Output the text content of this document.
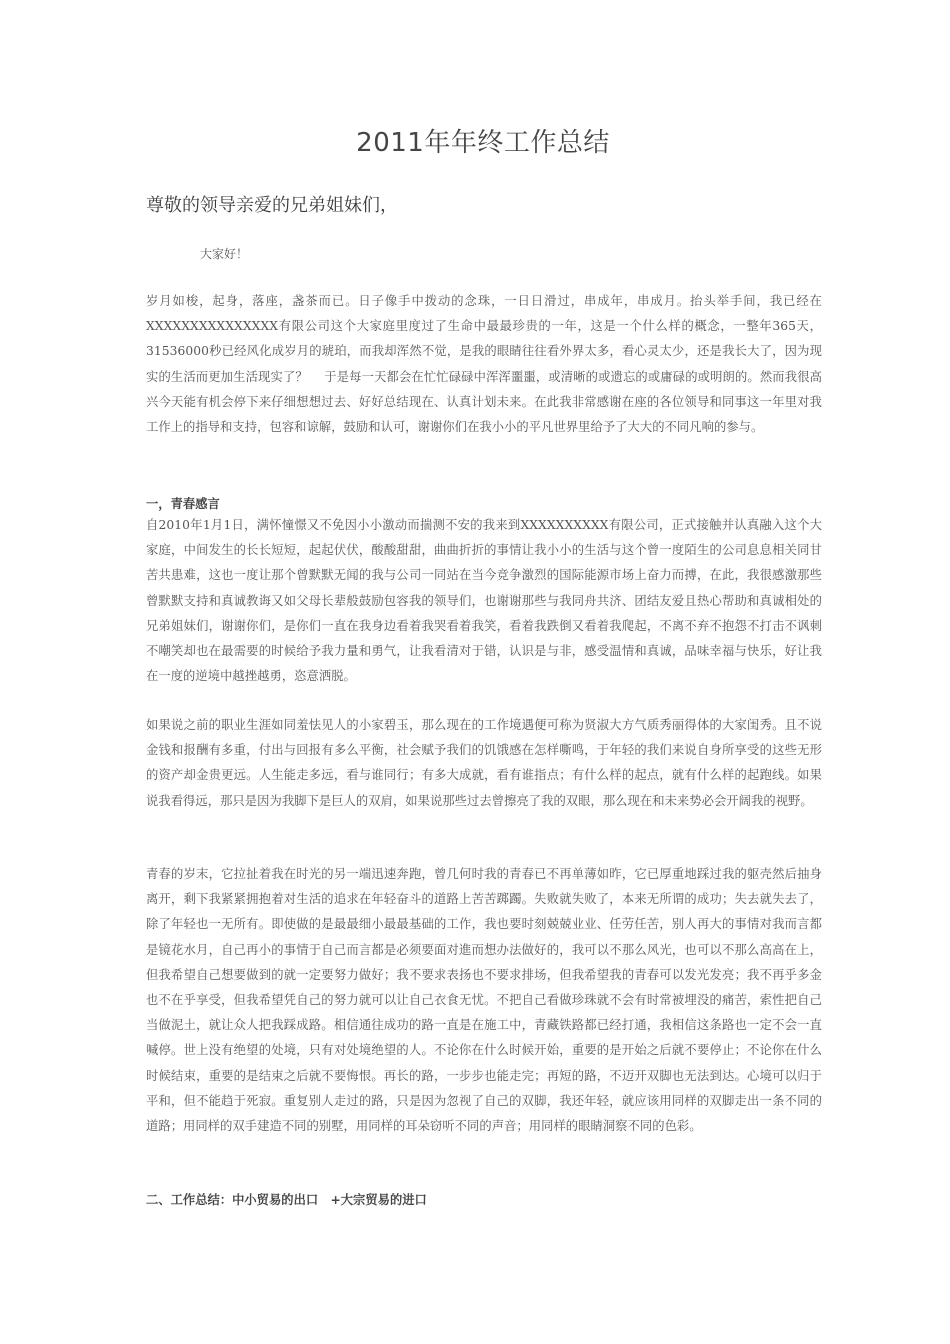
2011年年终工作总结

尊敬的领导亲爱的兄弟姐妹们，

大家好！

岁月如梭，起身，落座，盏茶而已。日子像手中拨动的念珠，一日日滑过，串成年，串成月。抬头举手间，我已经在XXXXXXXXXXXXXXX有限公司这个大家庭里度过了生命中最最珍贵的一年，这是一个什么样的概念，一整年365天，31536000秒已经风化成岁月的琥珀，而我却浑然不觉，是我的眼睛往往看外界太多，看心灵太少，还是我长大了，因为现实的生活而更加生活现实了？　 于是每一天都会在忙忙碌碌中浑浑噩噩，或清晰的或遗忘的或庸碌的或明朗的。然而我很高兴今天能有机会停下来仔细想想过去、好好总结现在、认真计划未来。在此我非常感谢在座的各位领导和同事这一年里对我工作上的指导和支持，包容和谅解，鼓励和认可，谢谢你们在我小小的平凡世界里给予了大大的不同凡响的参与。

一，青春感言

自2010年1月1日，满怀憧憬又不免因小小激动而揣测不安的我来到XXXXXXXXXX有限公司，正式接触并认真融入这个大家庭，中间发生的长长短短，起起伏伏，酸酸甜甜，曲曲折折的事情让我小小的生活与这个曾一度陌生的公司息息相关同甘苦共患难，这也一度让那个曾默默无闻的我与公司一同站在当今竞争激烈的国际能源市场上奋力而搏，在此，我很感激那些曾默默支持和真诚教诲又如父母长辈般鼓励包容我的领导们，也谢谢那些与我同舟共济、团结友爱且热心帮助和真诚相处的兄弟姐妹们，谢谢你们，是你们一直在我身边看着我哭看着我笑，看着我跌倒又看着我爬起，不离不弃不抱怨不打击不讽刺不嘲笑却也在最需要的时候给予我力量和勇气，让我看清对于错，认识是与非，感受温情和真诚，品味幸福与快乐，好让我在一度的逆境中越挫越勇，恣意洒脱。

如果说之前的职业生涯如同羞怯见人的小家碧玉，那么现在的工作境遇便可称为贤淑大方气质秀丽得体的大家闺秀。且不说金钱和报酬有多重，付出与回报有多么平衡，社会赋予我们的饥饿感在怎样嘶鸣，于年轻的我们来说自身所享受的这些无形的资产却金贵更远。人生能走多远，看与谁同行；有多大成就，看有谁指点；有什么样的起点，就有什么样的起跑线。如果说我看得远，那只是因为我脚下是巨人的双肩，如果说那些过去曾擦亮了我的双眼，那么现在和未来势必会开阔我的视野。

青春的岁末，它拉扯着我在时光的另一端迅速奔跑，曾几何时我的青春已不再单薄如昨，它已厚重地踩过我的躯壳然后抽身离开，剩下我紧紧拥抱着对生活的追求在年轻奋斗的道路上苦苦踯躅。失败就失败了，本来无所谓的成功；失去就失去了，除了年轻也一无所有。即使做的是最最细小最最基础的工作，我也要时刻兢兢业业、任劳任苦，别人再大的事情对我而言都是镜花水月，自己再小的事情于自己而言都是必须要面对進而想办法做好的，我可以不那么风光，也可以不那么高高在上，但我希望自己想要做到的就一定要努力做好；我不要求表扬也不要求排场，但我希望我的青春可以发光发亮；我不再乎多金也不在乎享受，但我希望凭自己的努力就可以让自己衣食无忧。不把自己看做珍珠就不会有时常被埋没的痛苦，索性把自己当做泥土，就让众人把我踩成路。相信通往成功的路一直是在施工中，青藏铁路都已经打通，我相信这条路也一定不会一直喊停。世上没有绝望的处境，只有对处境绝望的人。不论你在什么时候开始，重要的是开始之后就不要停止；不论你在什么时候结束，重要的是结束之后就不要悔恨。再长的路，一步步也能走完；再短的路，不迈开双脚也无法到达。心境可以归于平和，但不能趋于死寂。重复别人走过的路，只是因为忽视了自己的双脚，我还年轻，就应该用同样的双脚走出一条不同的道路；用同样的双手建造不同的别墅，用同样的耳朵窃听不同的声音；用同样的眼睛洞察不同的色彩。

二、工作总结：中小贸易的出口　+大宗贸易的进口
